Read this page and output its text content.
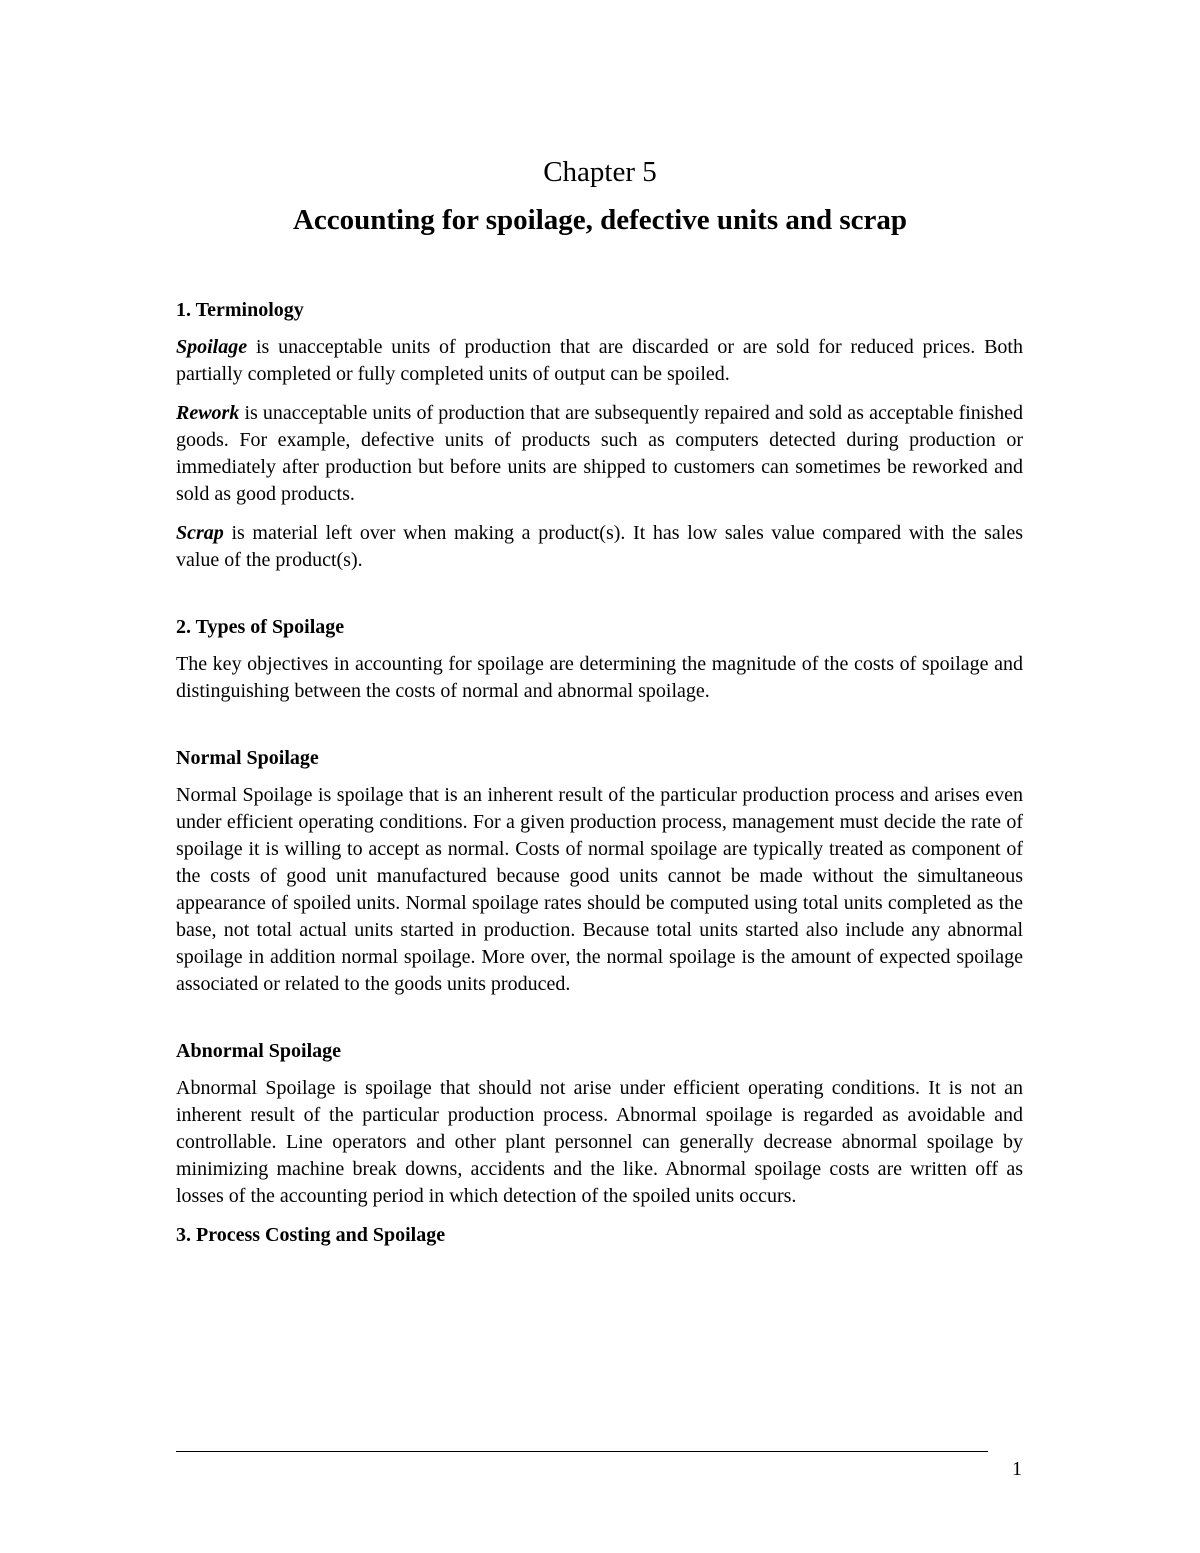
Chapter 5
Accounting for spoilage, defective units and scrap
1. Terminology

Spoilage is unacceptable units of production that are discarded or are sold for reduced prices. Both partially completed or fully completed units of output can be spoiled.

Rework is unacceptable units of production that are subsequently repaired and sold as acceptable finished goods. For example, defective units of products such as computers detected during production or immediately after production but before units are shipped to customers can sometimes be reworked and sold as good products.

Scrap is material left over when making a product(s). It has low sales value compared with the sales value of the product(s).

2. Types of Spoilage

The key objectives in accounting for spoilage are determining the magnitude of the costs of spoilage and distinguishing between the costs of normal and abnormal spoilage.

Normal Spoilage

Normal Spoilage is spoilage that is an inherent result of the particular production process and arises even under efficient operating conditions. For a given production process, management must decide the rate of spoilage it is willing to accept as normal. Costs of normal spoilage are typically treated as component of the costs of good unit manufactured because good units cannot be made without the simultaneous appearance of spoiled units. Normal spoilage rates should be computed using total units completed as the base, not total actual units started in production. Because total units started also include any abnormal spoilage in addition normal spoilage. More over, the normal spoilage is the amount of expected spoilage associated or related to the goods units produced.

Abnormal Spoilage

Abnormal Spoilage is spoilage that should not arise under efficient operating conditions. It is not an inherent result of the particular production process. Abnormal spoilage is regarded as avoidable and controllable. Line operators and other plant personnel can generally decrease abnormal spoilage by minimizing machine break downs, accidents and the like. Abnormal spoilage costs are written off as losses of the accounting period in which detection of the spoiled units occurs.

3. Process Costing and Spoilage
1
